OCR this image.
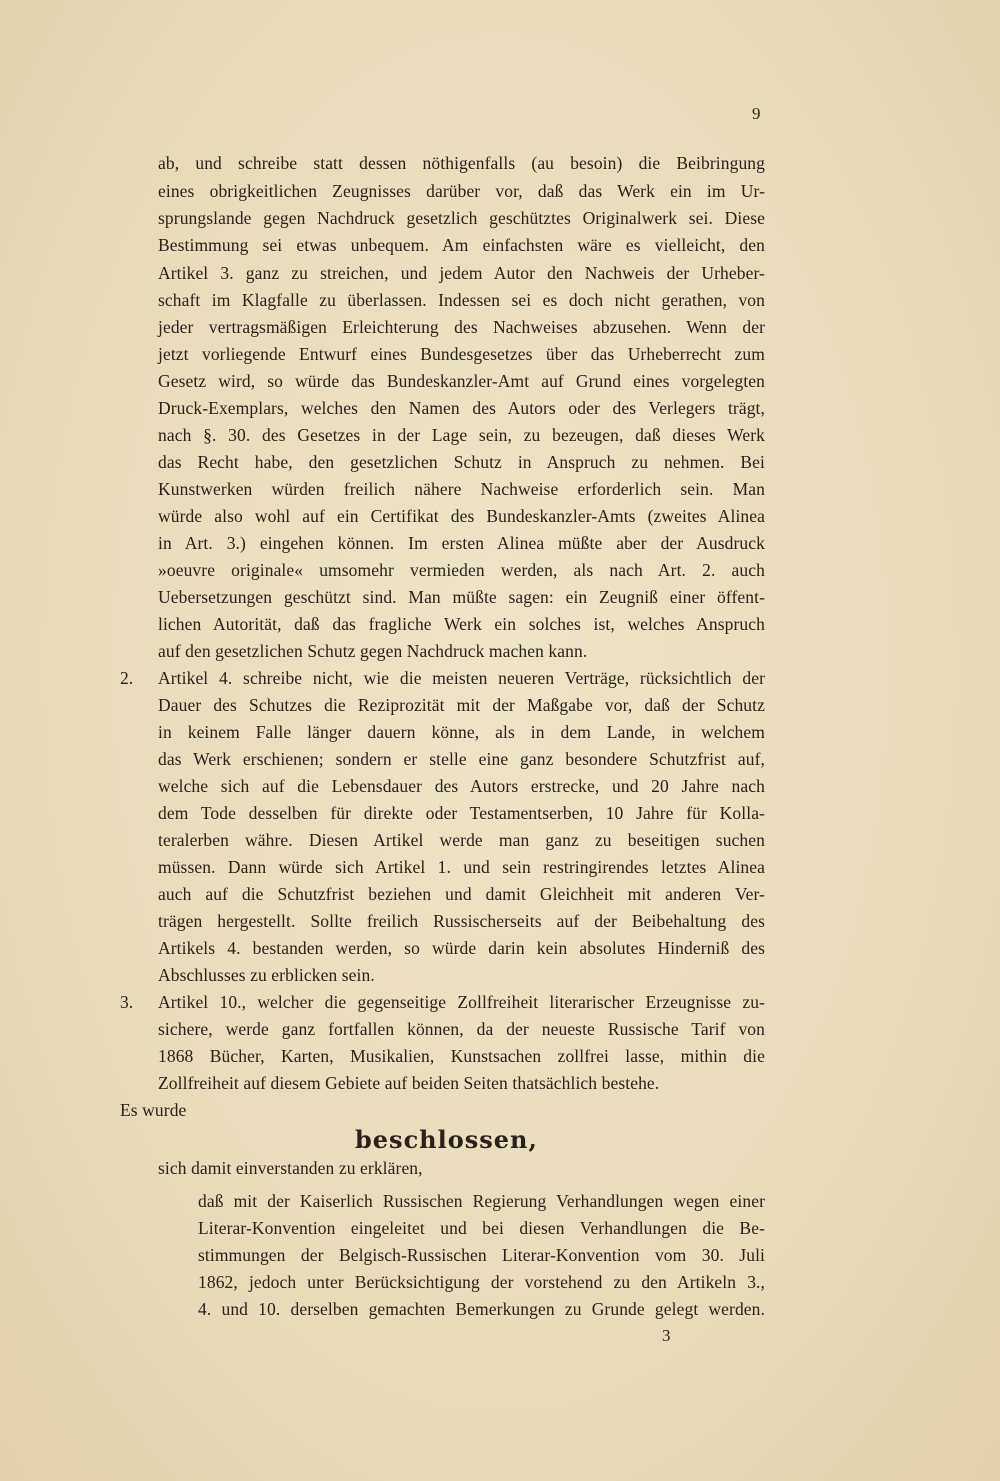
9
ab, und schreibe statt dessen nöthigenfalls (au besoin) die Beibringung
eines obrigkeitlichen Zeugnisses darüber vor, daß das Werk ein im Ur-
sprungslande gegen Nachdruck gesetzlich geschütztes Originalwerk sei. Diese
Bestimmung sei etwas unbequem. Am einfachsten wäre es vielleicht, den
Artikel 3. ganz zu streichen, und jedem Autor den Nachweis der Urheber-
schaft im Klagfalle zu überlassen. Indessen sei es doch nicht gerathen, von
jeder vertragsmäßigen Erleichterung des Nachweises abzusehen. Wenn der
jetzt vorliegende Entwurf eines Bundesgesetzes über das Urheberrecht zum
Gesetz wird, so würde das Bundeskanzler-Amt auf Grund eines vorgelegten
Druck-Exemplars, welches den Namen des Autors oder des Verlegers trägt,
nach §. 30. des Gesetzes in der Lage sein, zu bezeugen, daß dieses Werk
das Recht habe, den gesetzlichen Schutz in Anspruch zu nehmen. Bei
Kunstwerken würden freilich nähere Nachweise erforderlich sein. Man
würde also wohl auf ein Certifikat des Bundeskanzler-Amts (zweites Alinea
in Art. 3.) eingehen können. Im ersten Alinea müßte aber der Ausdruck
»oeuvre originale« umsomehr vermieden werden, als nach Art. 2. auch
Uebersetzungen geschützt sind. Man müßte sagen: ein Zeugniß einer öffent-
lichen Autorität, daß das fragliche Werk ein solches ist, welches Anspruch
auf den gesetzlichen Schutz gegen Nachdruck machen kann.
2. Artikel 4. schreibe nicht, wie die meisten neueren Verträge, rücksichtlich der
Dauer des Schutzes die Reziprozität mit der Maßgabe vor, daß der Schutz
in keinem Falle länger dauern könne, als in dem Lande, in welchem
das Werk erschienen; sondern er stelle eine ganz besondere Schutzfrist auf,
welche sich auf die Lebensdauer des Autors erstrecke, und 20 Jahre nach
dem Tode desselben für direkte oder Testamentserben, 10 Jahre für Kolla-
teralerben währe. Diesen Artikel werde man ganz zu beseitigen suchen
müssen. Dann würde sich Artikel 1. und sein restringirendes letztes Alinea
auch auf die Schutzfrist beziehen und damit Gleichheit mit anderen Ver-
trägen hergestellt. Sollte freilich Russischerseits auf der Beibehaltung des
Artikels 4. bestanden werden, so würde darin kein absolutes Hinderniß des
Abschlusses zu erblicken sein.
3. Artikel 10., welcher die gegenseitige Zollfreiheit literarischer Erzeugnisse zu-
sichere, werde ganz fortfallen können, da der neueste Russische Tarif von
1868 Bücher, Karten, Musikalien, Kunstsachen zollfrei lasse, mithin die
Zollfreiheit auf diesem Gebiete auf beiden Seiten thatsächlich bestehe.
Es wurde
beschlossen,
sich damit einverstanden zu erklären,
daß mit der Kaiserlich Russischen Regierung Verhandlungen wegen einer
Literar-Konvention eingeleitet und bei diesen Verhandlungen die Be-
stimmungen der Belgisch-Russischen Literar-Konvention vom 30. Juli
1862, jedoch unter Berücksichtigung der vorstehend zu den Artikeln 3.,
4. und 10. derselben gemachten Bemerkungen zu Grunde gelegt werden.
3
